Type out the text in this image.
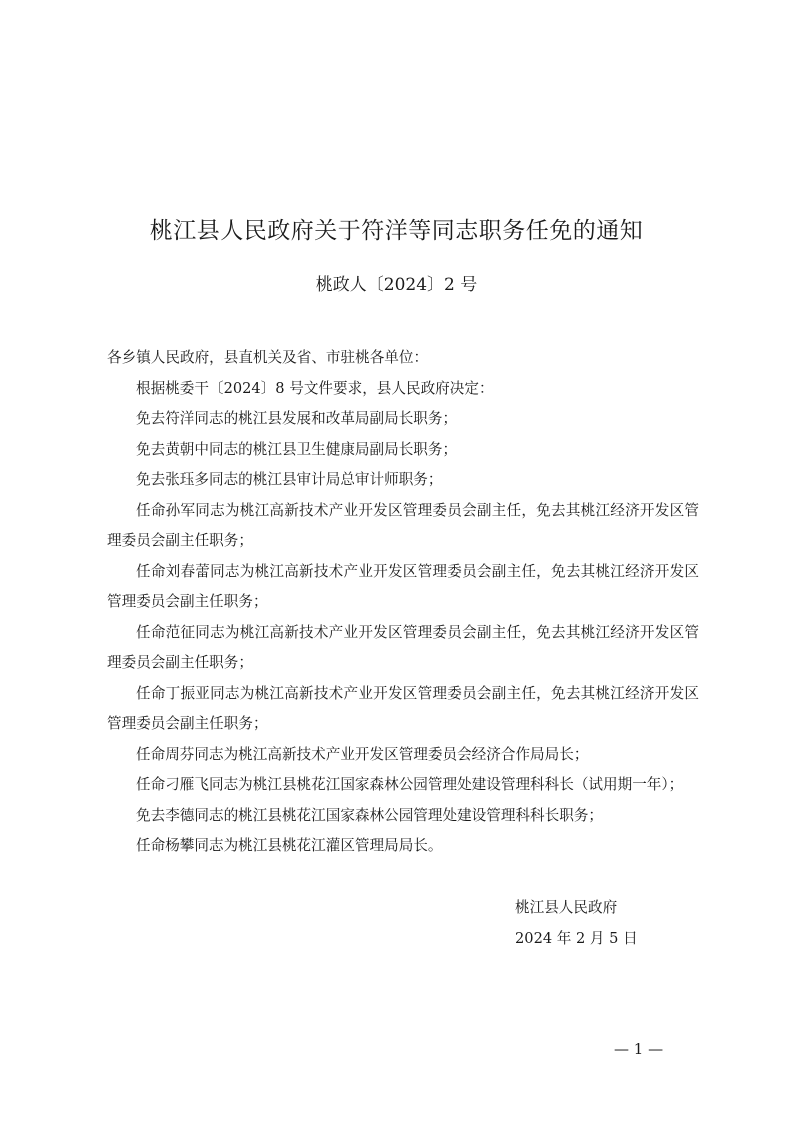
桃江县人民政府关于符洋等同志职务任免的通知
桃政人〔2024〕2 号

各乡镇人民政府，县直机关及省、市驻桃各单位：

根据桃委干〔2024〕8 号文件要求，县人民政府决定：

免去符洋同志的桃江县发展和改革局副局长职务；

免去黄朝中同志的桃江县卫生健康局副局长职务；

免去张珏多同志的桃江县审计局总审计师职务；

任命孙军同志为桃江高新技术产业开发区管理委员会副主任，免去其桃江经济开发区管理委员会副主任职务；

任命刘春蕾同志为桃江高新技术产业开发区管理委员会副主任，免去其桃江经济开发区管理委员会副主任职务；

任命范征同志为桃江高新技术产业开发区管理委员会副主任，免去其桃江经济开发区管理委员会副主任职务；

任命丁振亚同志为桃江高新技术产业开发区管理委员会副主任，免去其桃江经济开发区管理委员会副主任职务；

任命周芬同志为桃江高新技术产业开发区管理委员会经济合作局局长；

任命刁雁飞同志为桃江县桃花江国家森林公园管理处建设管理科科长（试用期一年）；

免去李德同志的桃江县桃花江国家森林公园管理处建设管理科科长职务；

任命杨攀同志为桃江县桃花江灌区管理局局长。

桃江县人民政府
2024 年 2 月 5 日
— 1 —
